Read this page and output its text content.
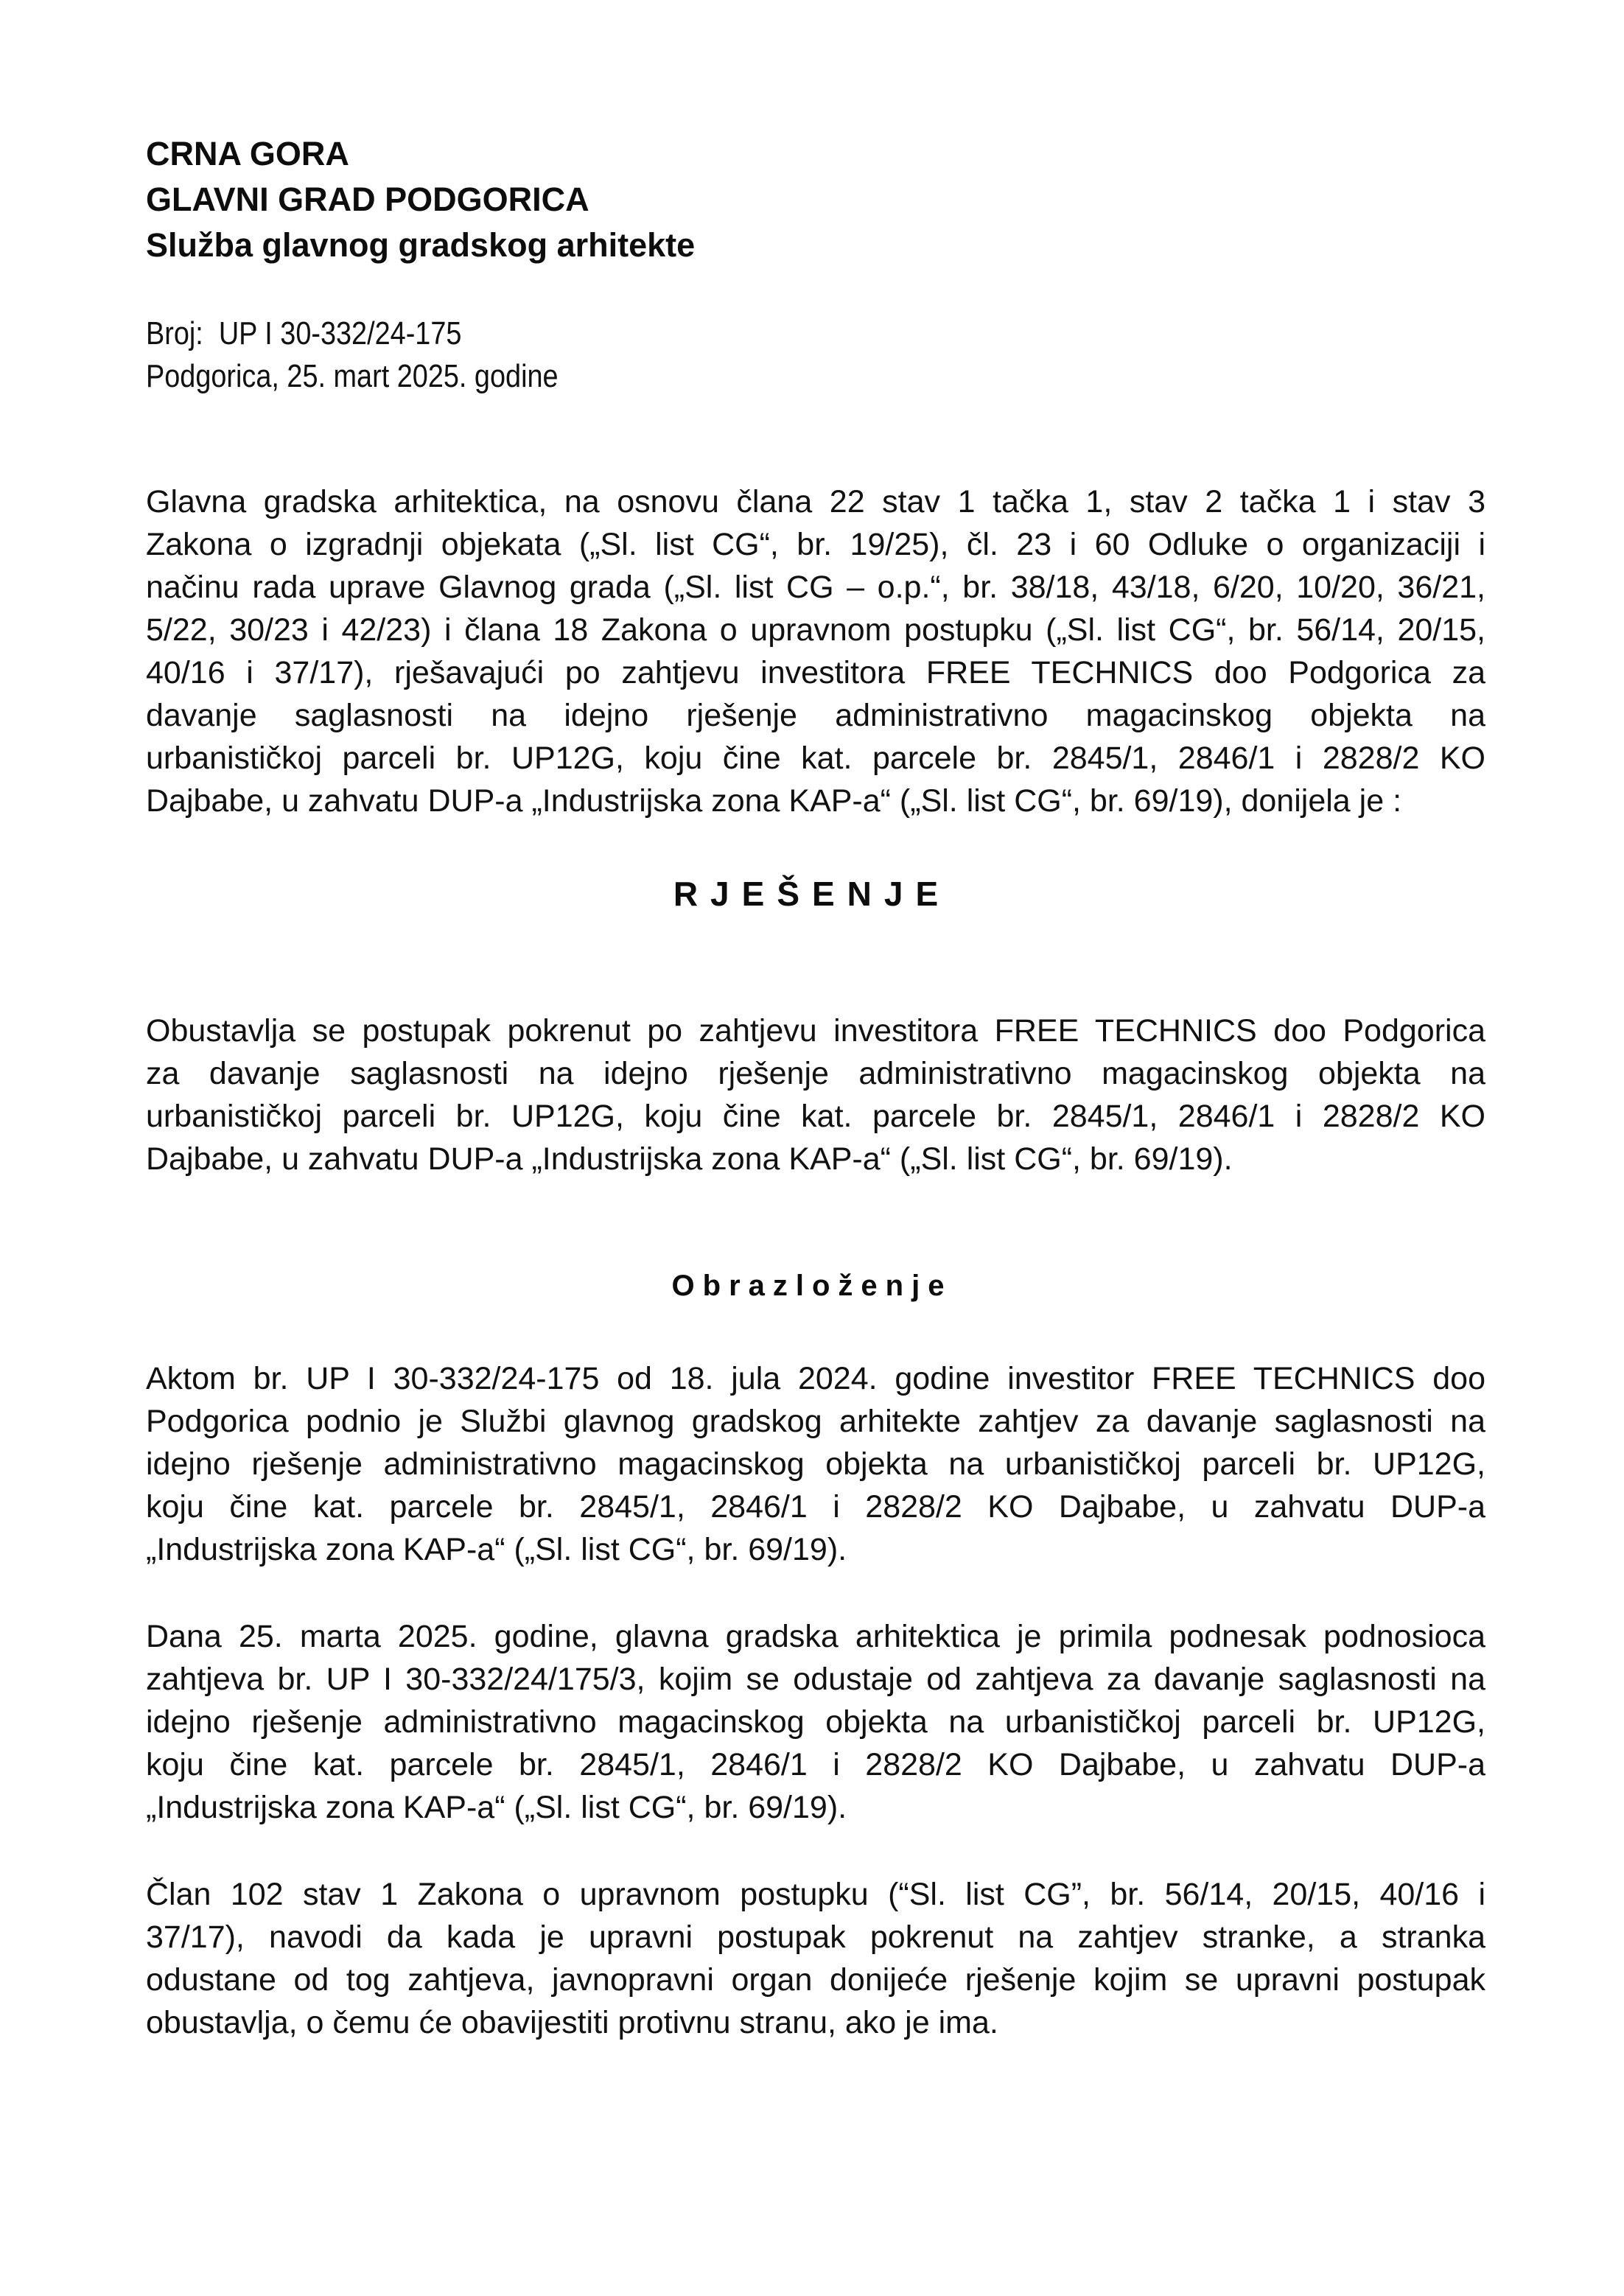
CRNA GORA
GLAVNI GRAD PODGORICA
Služba glavnog gradskog arhitekte
Broj: UP I 30-332/24-175
Podgorica, 25. mart 2025. godine
Glavna gradska arhitektica, na osnovu člana 22 stav 1 tačka 1, stav 2 tačka 1 i stav 3
Zakona o izgradnji objekata („Sl. list CG“, br. 19/25), čl. 23 i 60 Odluke o organizaciji i
načinu rada uprave Glavnog grada („Sl. list CG – o.p.“, br. 38/18, 43/18, 6/20, 10/20, 36/21,
5/22, 30/23 i 42/23) i člana 18 Zakona o upravnom postupku („Sl. list CG“, br. 56/14, 20/15,
40/16 i 37/17), rješavajući po zahtjevu investitora FREE TECHNICS doo Podgorica za
davanje saglasnosti na idejno rješenje administrativno magacinskog objekta na
urbanističkoj parceli br. UP12G, koju čine kat. parcele br. 2845/1, 2846/1 i 2828/2 KO
Dajbabe, u zahvatu DUP-a „Industrijska zona KAP-a“ („Sl. list CG“, br. 69/19), donijela je :
RJEŠENJE
Obustavlja se postupak pokrenut po zahtjevu investitora FREE TECHNICS doo Podgorica
za davanje saglasnosti na idejno rješenje administrativno magacinskog objekta na
urbanističkoj parceli br. UP12G, koju čine kat. parcele br. 2845/1, 2846/1 i 2828/2 KO
Dajbabe, u zahvatu DUP-a „Industrijska zona KAP-a“ („Sl. list CG“, br. 69/19).
Obrazloženje
Aktom br. UP I 30-332/24-175 od 18. jula 2024. godine investitor FREE TECHNICS doo
Podgorica podnio je Službi glavnog gradskog arhitekte zahtjev za davanje saglasnosti na
idejno rješenje administrativno magacinskog objekta na urbanističkoj parceli br. UP12G,
koju čine kat. parcele br. 2845/1, 2846/1 i 2828/2 KO Dajbabe, u zahvatu DUP-a
„Industrijska zona KAP-a“ („Sl. list CG“, br. 69/19).
Dana 25. marta 2025. godine, glavna gradska arhitektica je primila podnesak podnosioca
zahtjeva br. UP I 30-332/24/175/3, kojim se odustaje od zahtjeva za davanje saglasnosti na
idejno rješenje administrativno magacinskog objekta na urbanističkoj parceli br. UP12G,
koju čine kat. parcele br. 2845/1, 2846/1 i 2828/2 KO Dajbabe, u zahvatu DUP-a
„Industrijska zona KAP-a“ („Sl. list CG“, br. 69/19).
Član 102 stav 1 Zakona o upravnom postupku (“Sl. list CG”, br. 56/14, 20/15, 40/16 i
37/17), navodi da kada je upravni postupak pokrenut na zahtjev stranke, a stranka
odustane od tog zahtjeva, javnopravni organ donijeće rješenje kojim se upravni postupak
obustavlja, o čemu će obavijestiti protivnu stranu, ako je ima.
